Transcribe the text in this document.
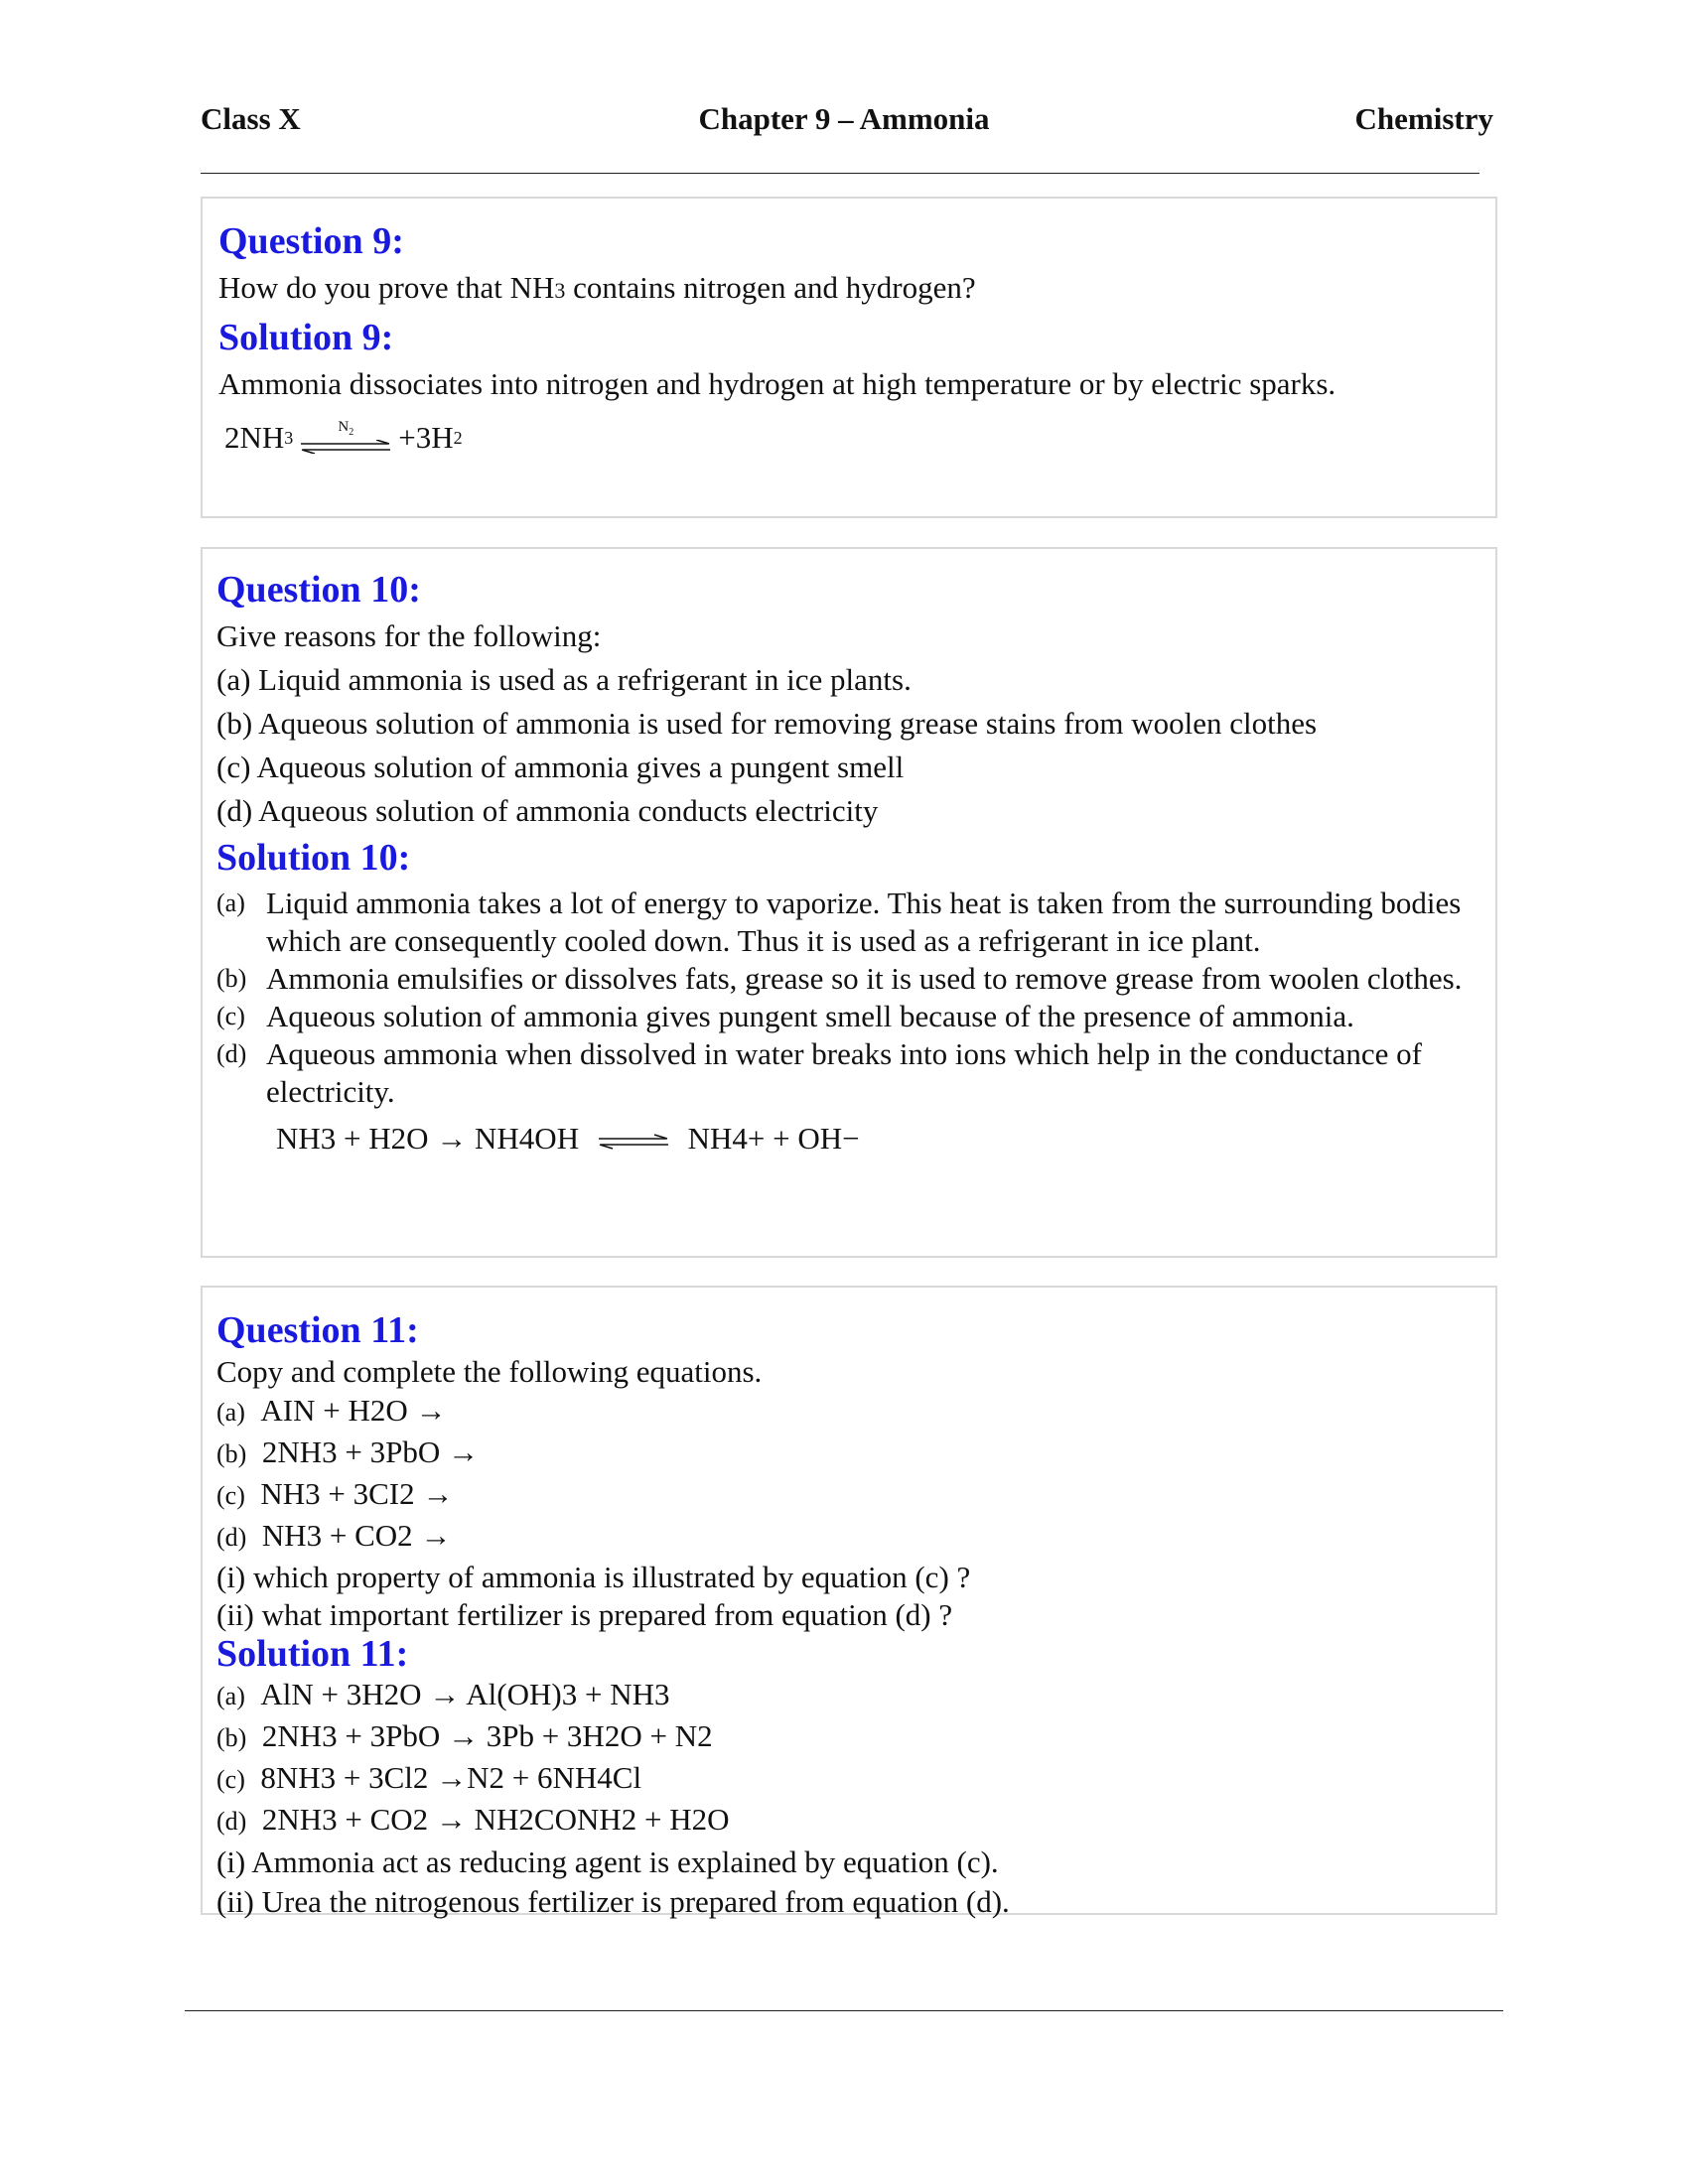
Class X	Chapter 9 – Ammonia	Chemistry
Question 9:
How do you prove that NH3 contains nitrogen and hydrogen?
Solution 9:
Ammonia dissociates into nitrogen and hydrogen at high temperature or by electric sparks.
2NH 3
$N_2 +3H$ 2
Question 10:
Give reasons for the following:
(a) Liquid ammonia is used as a refrigerant in ice plants.
(b) Aqueous solution of ammonia is used for removing grease stains from woolen clothes
(c) Aqueous solution of ammonia gives a pungent smell
(d) Aqueous solution of ammonia conducts electricity
Solution 10:
(a) Liquid ammonia takes a lot of energy to vaporize. This heat is taken from the surrounding bodies which are consequently cooled down. Thus it is used as a refrigerant in ice plant.
(b) Ammonia emulsifies or dissolves fats, grease so it is used to remove grease from woolen clothes.
(c) Aqueous solution of ammonia gives pungent smell because of the presence of ammonia.
(d) Aqueous ammonia when dissolved in water breaks into ions which help in the conductance of electricity.
NH3 + H2O → NH4OH ⇌ NH4+ + OH−
Question 11:
Copy and complete the following equations.
(a) AIN + H2O →
(b) 2NH3 + 3PbO →
(c) NH3 + 3CI2 →
(d) NH3 + CO2 →
(i) which property of ammonia is illustrated by equation (c) ?
(ii) what important fertilizer is prepared from equation (d) ?
Solution 11:
(a) AlN + 3H2O → Al(OH)3 + NH3
(b) 2NH3 + 3PbO → 3Pb + 3H2O + N2
(c) 8NH3 + 3Cl2 →N2 + 6NH4Cl
(d) 2NH3 + CO2 → NH2CONH2 + H2O
(i) Ammonia act as reducing agent is explained by equation (c).
(ii) Urea the nitrogenous fertilizer is prepared from equation (d).
